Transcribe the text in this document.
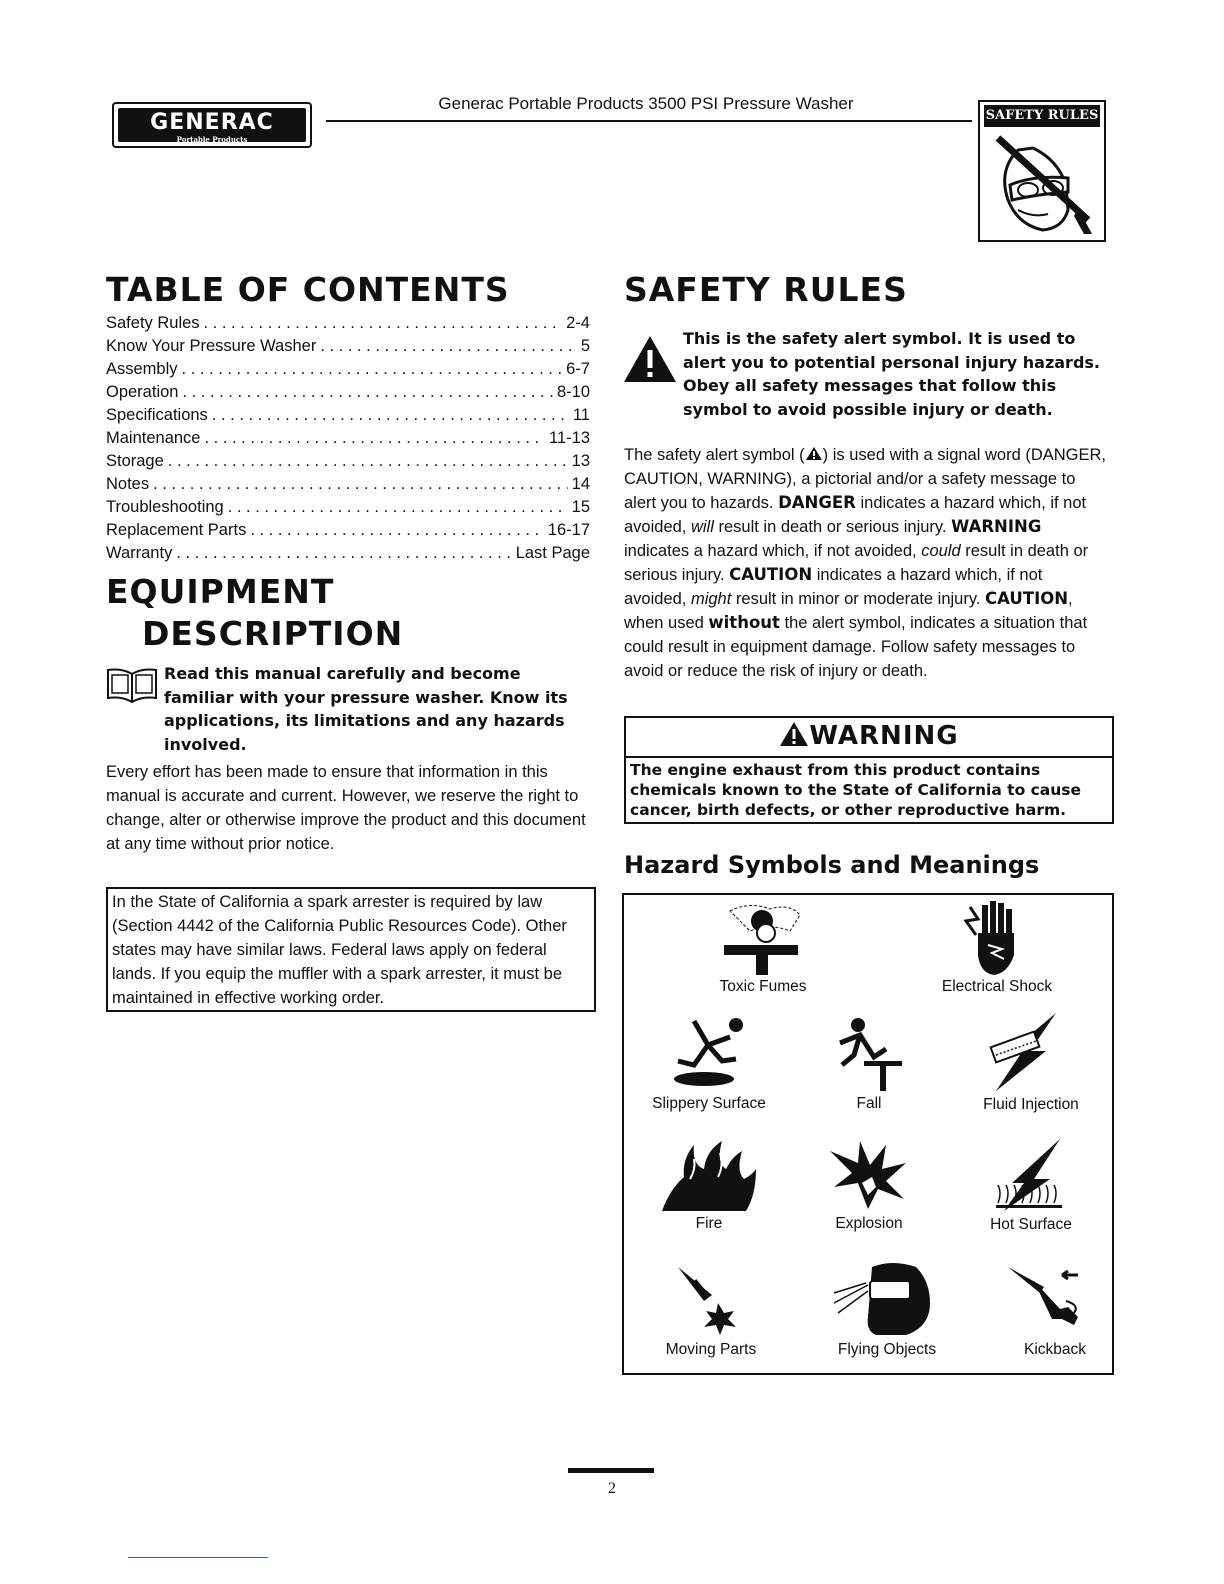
GENERAC
Portable Products
Generac Portable Products 3500 PSI Pressure Washer
SAFETY RULES
TABLE OF CONTENTS
Safety Rules . . .	2-4
Know Your Pressure Washer . . .	5
Assembly . . .	6-7
Operation . . .	8-10
Specifications . . .	11
Maintenance . . .	11-13
Storage . . .	13
Notes . . .	14
Troubleshooting . . .	15
Replacement Parts . . .	16-17
Warranty . . .	Last Page
EQUIPMENT
DESCRIPTION
Read this manual carefully and become familiar with your pressure washer. Know its applications, its limitations and any hazards involved.
Every effort has been made to ensure that information in this manual is accurate and current. However, we reserve the right to change, alter or otherwise improve the product and this document at any time without prior notice.
In the State of California a spark arrester is required by law (Section 4442 of the California Public Resources Code). Other states may have similar laws. Federal laws apply on federal lands. If you equip the muffler with a spark arrester, it must be maintained in effective working order.
SAFETY RULES
This is the safety alert symbol. It is used to alert you to potential personal injury hazards. Obey all safety messages that follow this symbol to avoid possible injury or death.
The safety alert symbol ( ) is used with a signal word (DANGER, CAUTION, WARNING), a pictorial and/or a safety message to alert you to hazards. DANGER indicates a hazard which, if not avoided, will result in death or serious injury. WARNING indicates a hazard which, if not avoided, could result in death or serious injury. CAUTION indicates a hazard which, if not avoided, might result in minor or moderate injury. CAUTION, when used without the alert symbol, indicates a situation that could result in equipment damage. Follow safety messages to avoid or reduce the risk of injury or death.
WARNING
The engine exhaust from this product contains chemicals known to the State of California to cause cancer, birth defects, or other reproductive harm.
Hazard Symbols and Meanings
Toxic Fumes	Electrical Shock
Slippery Surface	Fall	Fluid Injection
Fire	Explosion	Hot Surface
Moving Parts	Flying Objects	Kickback
2
